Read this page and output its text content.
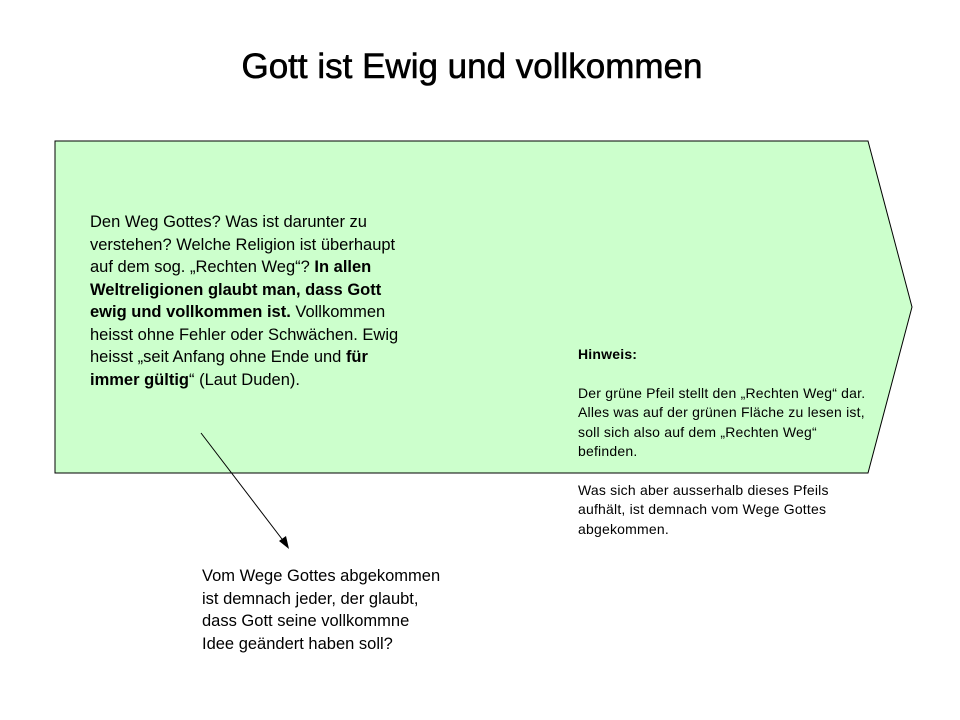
Gott ist Ewig und vollkommen
Den Weg Gottes? Was ist darunter zu verstehen? Welche Religion ist überhaupt auf dem sog. „Rechten Weg“? In allen Weltreligionen glaubt man, dass Gott ewig und vollkommen ist. Vollkommen heisst ohne Fehler oder Schwächen. Ewig heisst „seit Anfang ohne Ende und für immer gültig“ (Laut Duden).
Hinweis:

Der grüne Pfeil stellt den „Rechten Weg“ dar. Alles was auf der grünen Fläche zu lesen ist, soll sich also auf dem „Rechten Weg“ befinden.

Was sich aber ausserhalb dieses Pfeils aufhält, ist demnach vom Wege Gottes abgekommen.

Vom Wege Gottes abgekommen ist demnach jeder, der glaubt, dass Gott seine vollkommne Idee geändert haben soll?
